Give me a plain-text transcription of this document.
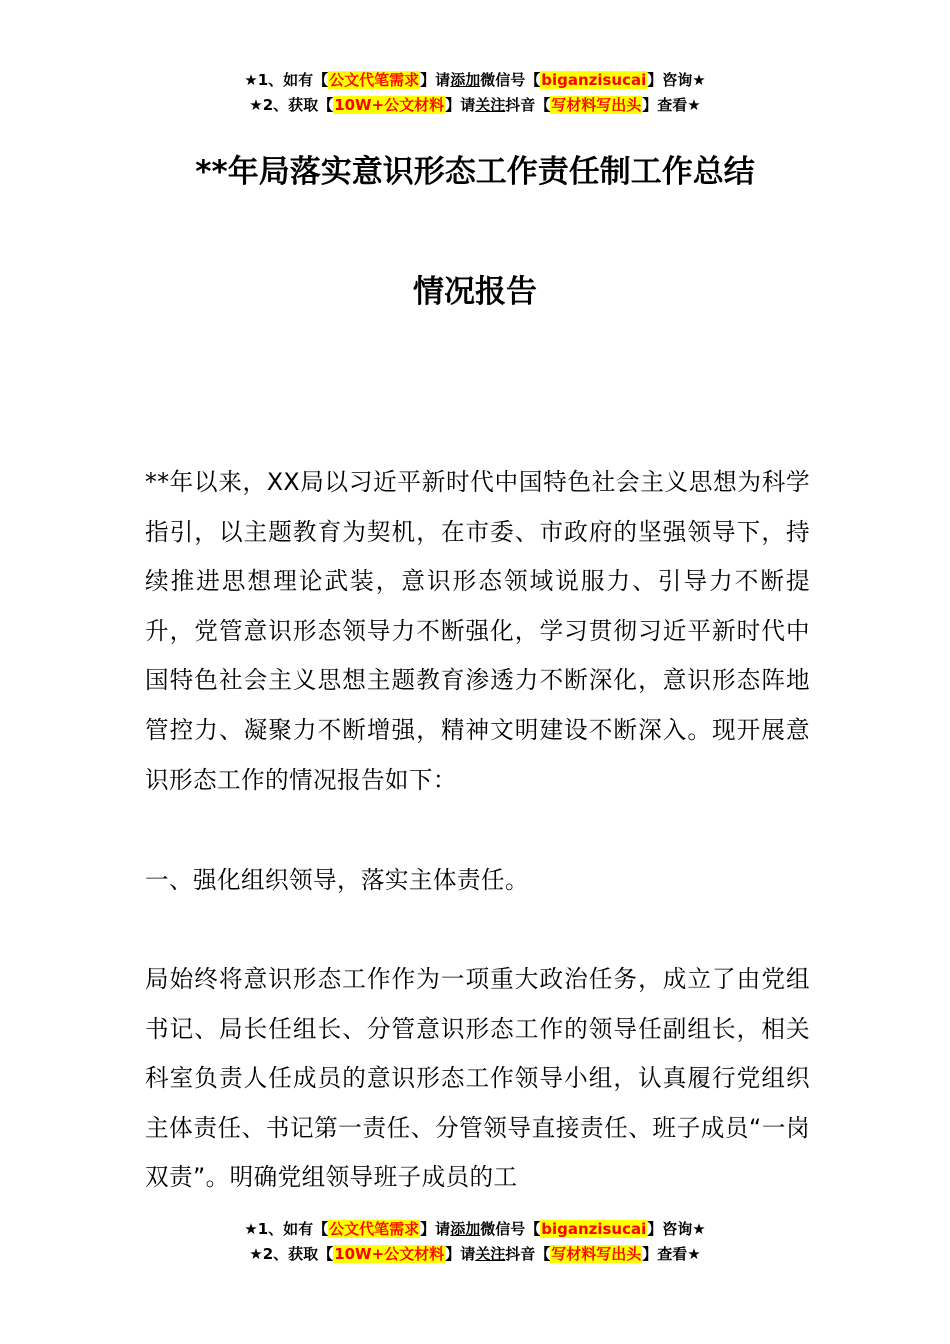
★1、如有【公文代笔需求】请添加微信号【biganzisucai】咨询★
★2、获取【10W+公文材料】请关注抖音【写材料写出头】查看★
**年局落实意识形态工作责任制工作总结
情况报告

**年以来，XX局以习近平新时代中国特色社会主义思想为科学指引，以主题教育为契机，在市委、市政府的坚强领导下，持续推进思想理论武装，意识形态领域说服力、引导力不断提升，党管意识形态领导力不断强化，学习贯彻习近平新时代中国特色社会主义思想主题教育渗透力不断深化，意识形态阵地管控力、凝聚力不断增强，精神文明建设不断深入。现开展意识形态工作的情况报告如下：

一、强化组织领导，落实主体责任。

局始终将意识形态工作作为一项重大政治任务，成立了由党组书记、局长任组长、分管意识形态工作的领导任副组长，相关科室负责人任成员的意识形态工作领导小组，认真履行党组织主体责任、书记第一责任、分管领导直接责任、班子成员“一岗双责”。明确党组领导班子成员的工

★1、如有【公文代笔需求】请添加微信号【biganzisucai】咨询★
★2、获取【10W+公文材料】请关注抖音【写材料写出头】查看★
